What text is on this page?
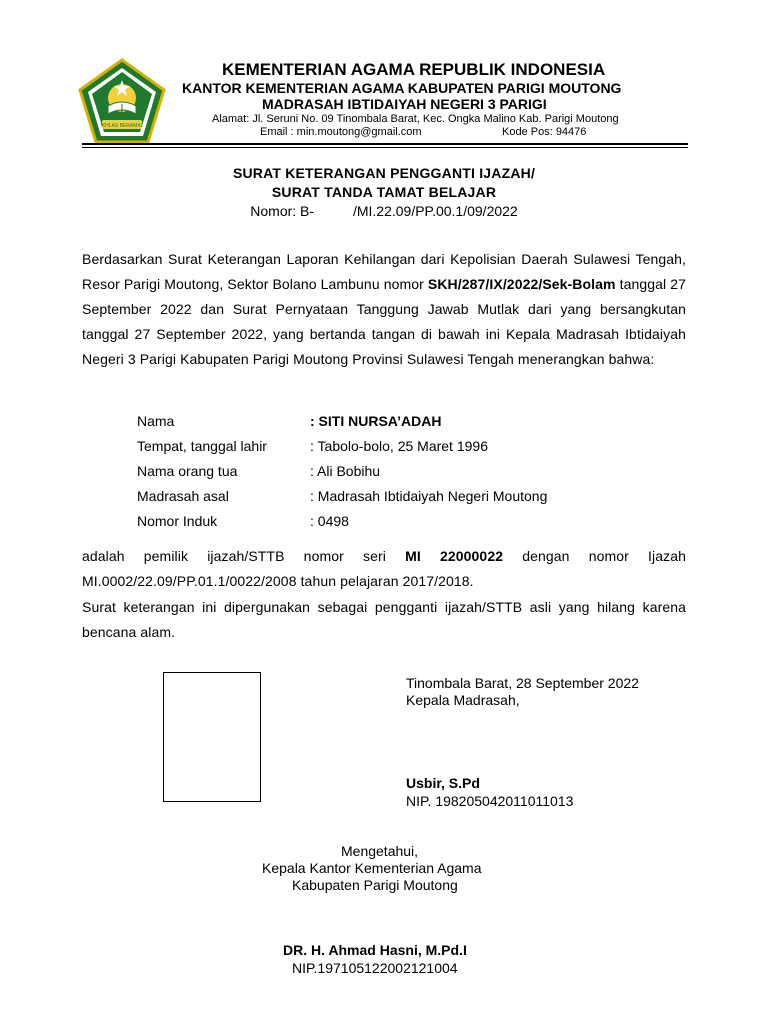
IKHLAS BERAMAL
KEMENTERIAN AGAMA REPUBLIK INDONESIA
KANTOR KEMENTERIAN AGAMA KABUPATEN PARIGI MOUTONG
MADRASAH IBTIDAIYAH NEGERI 3 PARIGI
Alamat: Jl. Seruni No. 09 Tinombala Barat, Kec. Ongka Malino Kab. Parigi Moutong
Email : min.moutong@gmail.com	Kode Pos: 94476
SURAT KETERANGAN PENGGANTI IJAZAH/
SURAT TANDA TAMAT BELAJAR
Nomor: B-          /MI.22.09/PP.00.1/09/2022
Berdasarkan Surat Keterangan Laporan Kehilangan dari Kepolisian Daerah Sulawesi Tengah, Resor Parigi Moutong, Sektor Bolano Lambunu nomor SKH/287/IX/2022/Sek-Bolam tanggal 27 September 2022 dan Surat Pernyataan Tanggung Jawab Mutlak dari yang bersangkutan tanggal 27 September 2022, yang bertanda tangan di bawah ini Kepala Madrasah Ibtidaiyah Negeri 3 Parigi Kabupaten Parigi Moutong Provinsi Sulawesi Tengah menerangkan bahwa:
Nama	: SITI NURSA’ADAH
Tempat, tanggal lahir	: Tabolo-bolo, 25 Maret 1996
Nama orang tua	: Ali Bobihu
Madrasah asal	: Madrasah Ibtidaiyah Negeri Moutong
Nomor Induk	: 0498
adalah pemilik ijazah/STTB nomor seri MI 22000022 dengan nomor Ijazah MI.0002/22.09/PP.01.1/0022/2008 tahun pelajaran 2017/2018.
Surat keterangan ini dipergunakan sebagai pengganti ijazah/STTB asli yang hilang karena bencana alam.
Tinombala Barat, 28 September 2022
Kepala Madrasah,
Usbir, S.Pd
NIP. 198205042011011013
Mengetahui,
Kepala Kantor Kementerian Agama
Kabupaten Parigi Moutong
DR. H. Ahmad Hasni, M.Pd.I
NIP.197105122002121004
